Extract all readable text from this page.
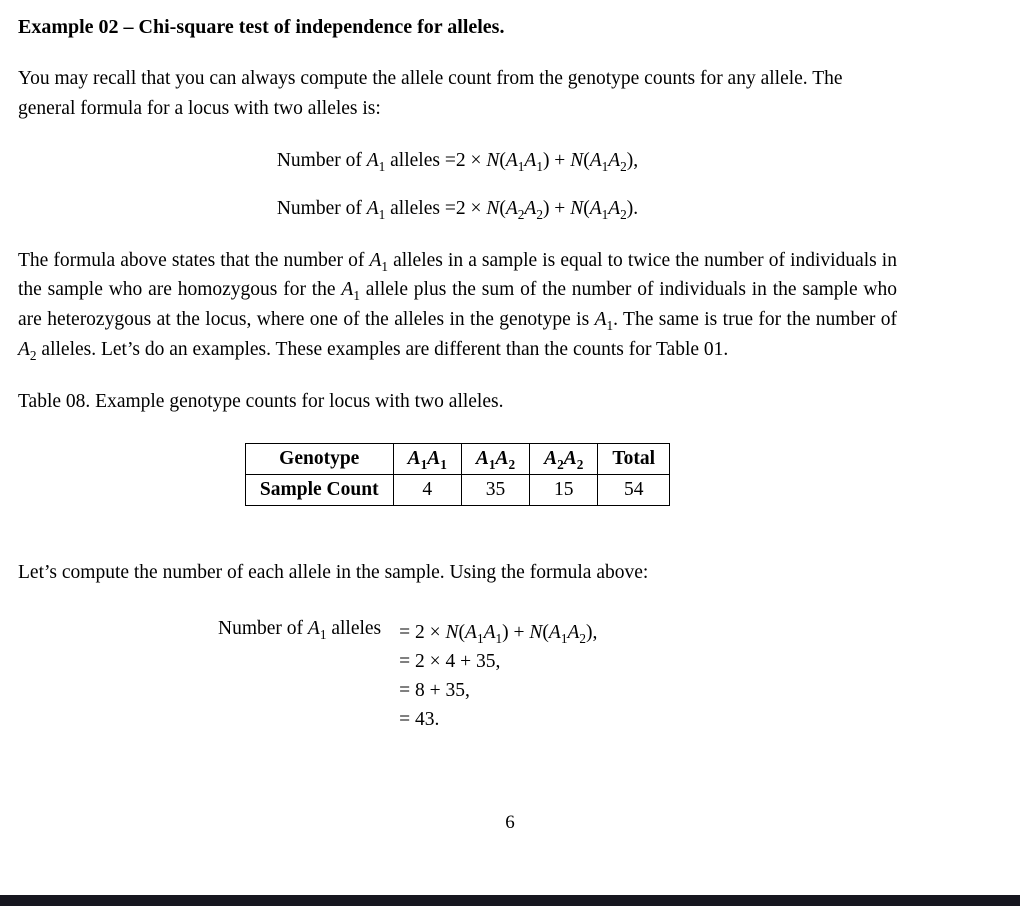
Example 02 – Chi-square test of independence for alleles.

You may recall that you can always compute the allele count from the genotype counts for any allele. The general formula for a locus with two alleles is:

Number of $A_1$ alleles $=2 \times N(A_1A_1) + N(A_1A_2)$,
Number of $A_1$ alleles $=2 \times N(A_2A_2) + N(A_1A_2)$.

The formula above states that the number of $A_1$ alleles in a sample is equal to twice the number of individuals in the sample who are homozygous for the $A_1$ allele plus the sum of the number of individuals in the sample who are heterozygous at the locus, where one of the alleles in the genotype is $A_1$. The same is true for the number of $A_2$ alleles. Let’s do an examples. These examples are different than the counts for Table 01.

Table 08. Example genotype counts for locus with two alleles.

Genotype	$A_1A_1$	$A_1A_2$	$A_2A_2$	Total
Sample Count	4	35	15	54

Let’s compute the number of each allele in the sample. Using the formula above:

Number of $A_1$ alleles = $2 \times N(A_1A_1) + N(A_1A_2)$,
= 2 × 4 + 35,
= 8 + 35,
= 43.
6
